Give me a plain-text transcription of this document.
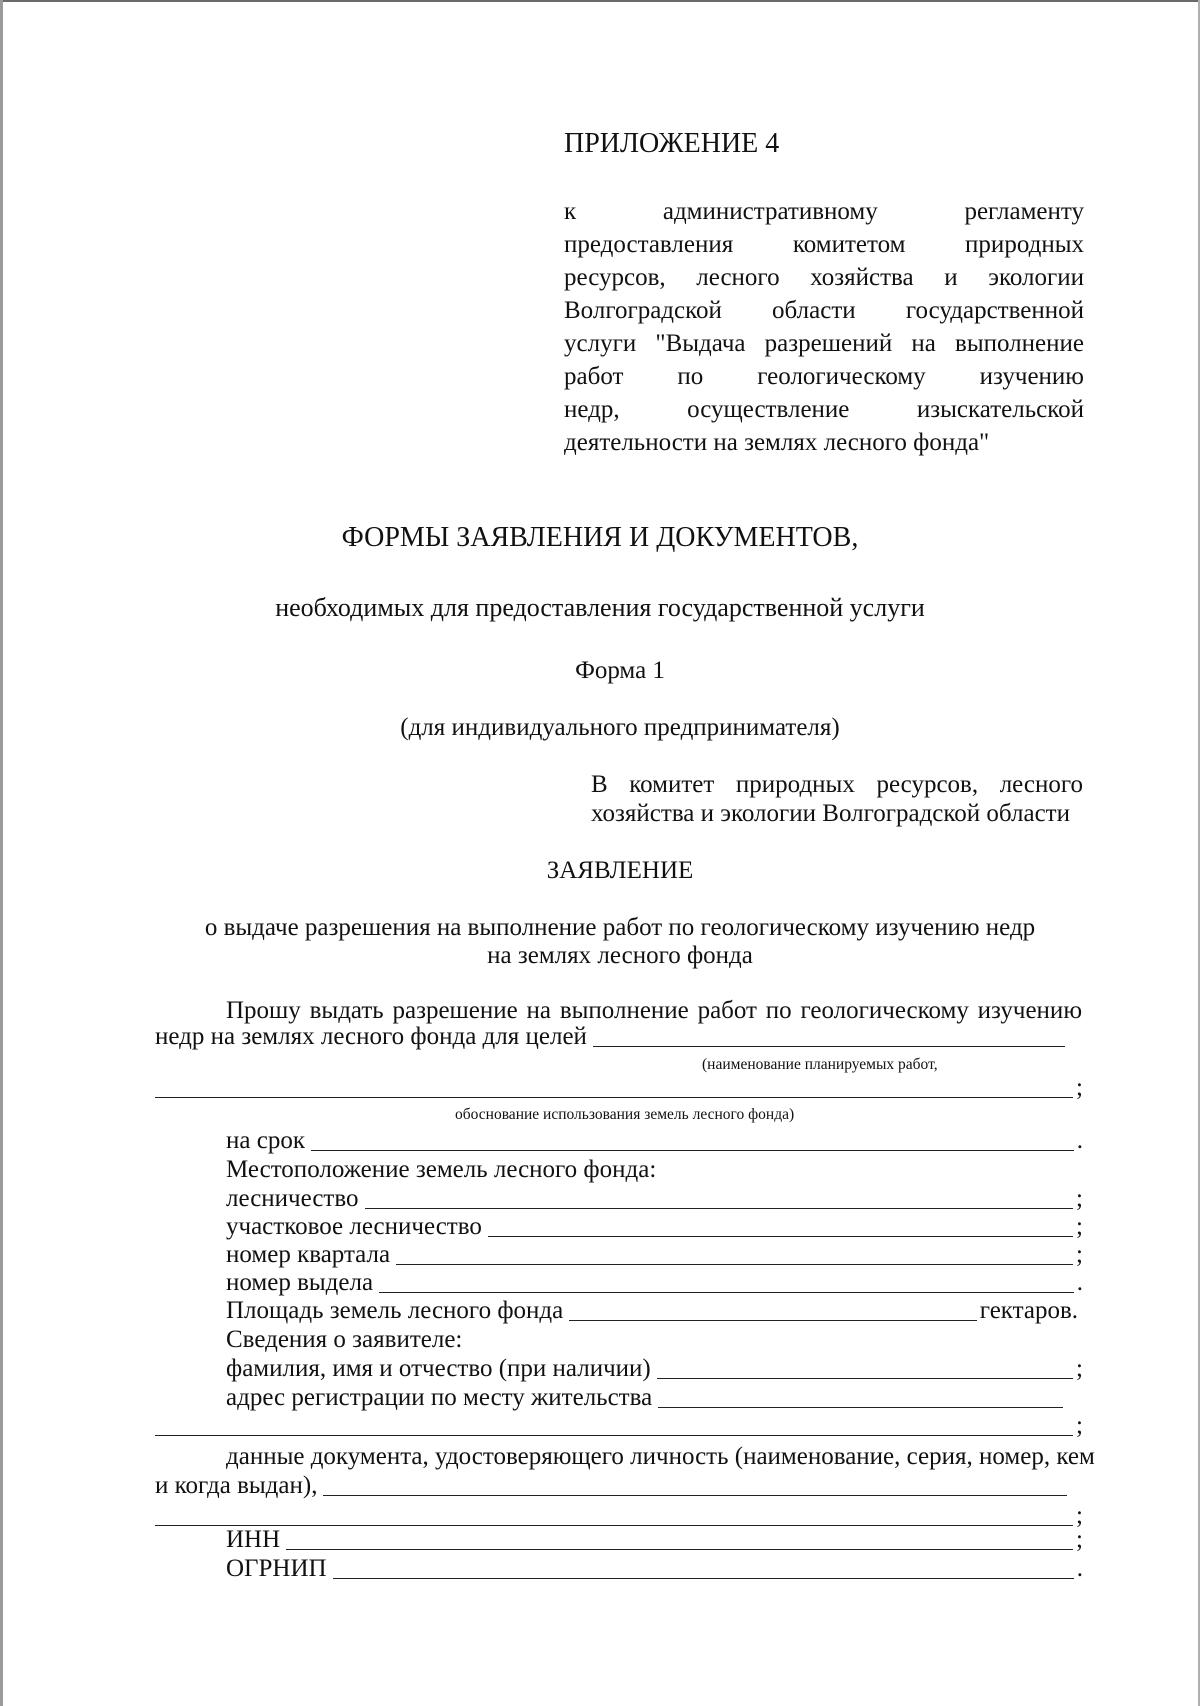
ПРИЛОЖЕНИЕ 4
к административному регламенту
предоставления комитетом природных
ресурсов, лесного хозяйства и экологии
Волгоградской области государственной
услуги "Выдача разрешений на выполнение
работ по геологическому изучению
недр, осуществление изыскательской
деятельности на землях лесного фонда"
ФОРМЫ ЗАЯВЛЕНИЯ И ДОКУМЕНТОВ,
необходимых для предоставления государственной услуги
Форма 1
(для индивидуального предпринимателя)
В комитет природных ресурсов, лесного
хозяйства и экологии Волгоградской области
ЗАЯВЛЕНИЕ
о выдаче разрешения на выполнение работ по геологическому изучению недр
на землях лесного фонда
Прошу выдать разрешение на выполнение работ по геологическому изучению
недр на землях лесного фонда для целей
(наименование планируемых работ,
;
обоснование использования земель лесного фонда)
на срок	.
Местоположение земель лесного фонда:
лесничество	;
участковое лесничество	;
номер квартала	;
номер выдела	.
Площадь земель лесного фонда	гектаров.
Сведения о заявителе:
фамилия, имя и отчество (при наличии)	;
адрес регистрации по месту жительства
;
данные документа, удостоверяющего личность (наименование, серия, номер, кем
и когда выдан),
;
ИНН	;
ОГРНИП	.
